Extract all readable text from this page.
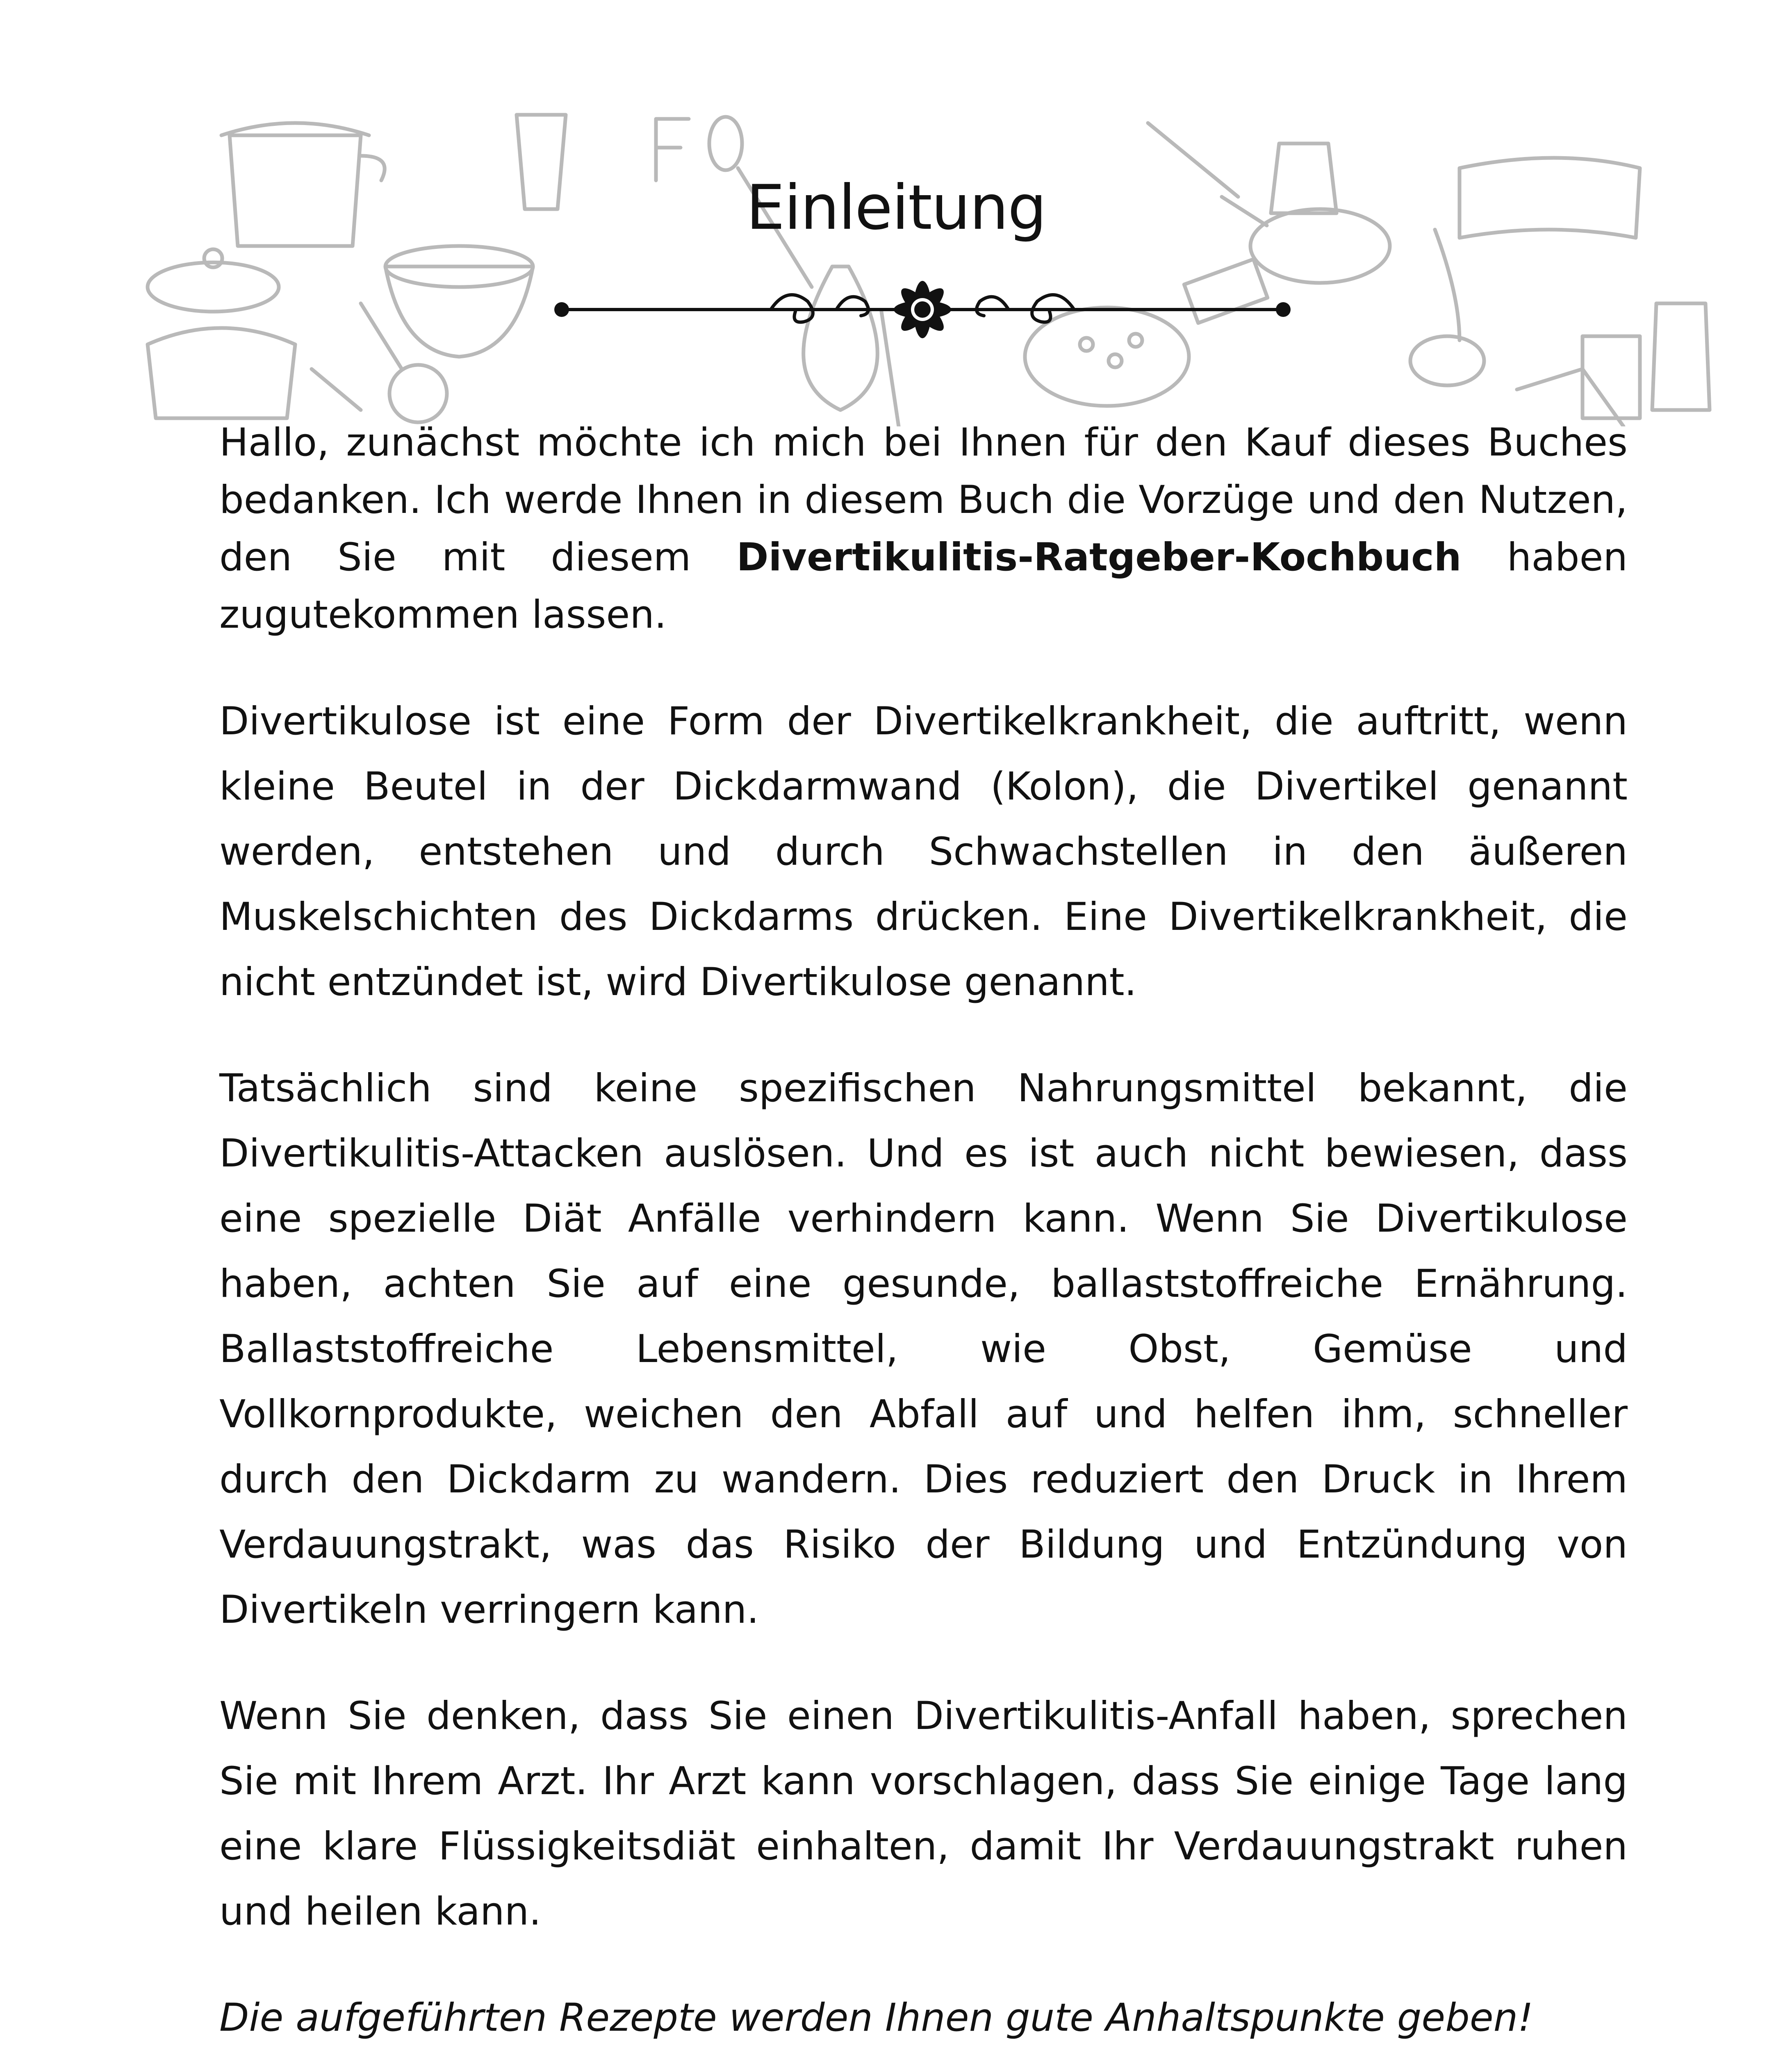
Einleitung

Hallo, zunächst möchte ich mich bei Ihnen für den Kauf dieses Buches bedanken. Ich werde Ihnen in diesem Buch die Vorzüge und den Nutzen, den Sie mit diesem Divertikulitis-Ratgeber-Kochbuch haben zugutekommen lassen.

Divertikulose ist eine Form der Divertikelkrankheit, die auftritt, wenn kleine Beutel in der Dickdarmwand (Kolon), die Divertikel genannt werden, entstehen und durch Schwachstellen in den äußeren Muskelschichten des Dickdarms drücken. Eine Divertikelkrankheit, die nicht entzündet ist, wird Divertikulose genannt.

Tatsächlich sind keine spezifischen Nahrungsmittel bekannt, die Divertikulitis-Attacken auslösen. Und es ist auch nicht bewiesen, dass eine spezielle Diät Anfälle verhindern kann. Wenn Sie Divertikulose haben, achten Sie auf eine gesunde, ballaststoffreiche Ernährung. Ballaststoffreiche Lebensmittel, wie Obst, Gemüse und Vollkornprodukte, weichen den Abfall auf und helfen ihm, schneller durch den Dickdarm zu wandern. Dies reduziert den Druck in Ihrem Verdauungstrakt, was das Risiko der Bildung und Entzündung von Divertikeln verringern kann.

Wenn Sie denken, dass Sie einen Divertikulitis-Anfall haben, sprechen Sie mit Ihrem Arzt. Ihr Arzt kann vorschlagen, dass Sie einige Tage lang eine klare Flüssigkeitsdiät einhalten, damit Ihr Verdauungstrakt ruhen und heilen kann.

Die aufgeführten Rezepte werden Ihnen gute Anhaltspunkte geben!
